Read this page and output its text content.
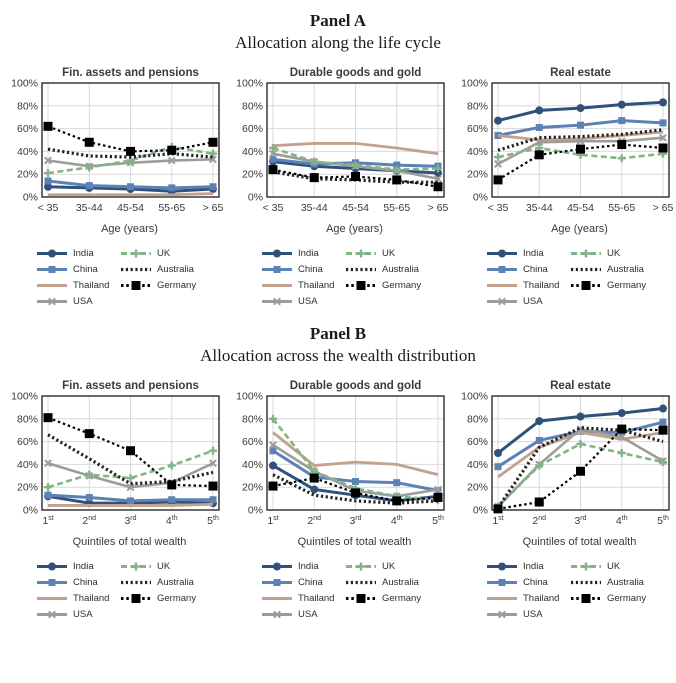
Panel A
Allocation along the life cycle
Fin. assets and pensions
0%
20%
40%
60%
80%
100%
< 35 35-44 45-54 55-65 > 65
Age (years)
India
China
Thailand
USA
UK
Australia
Germany
Durable goods and gold
0%
20%
40%
60%
80%
100%
< 35 35-44 45-54 55-65 > 65
Age (years)
India
China
Thailand
USA
UK
Australia
Germany
Real estate
0%
20%
40%
60%
80%
100%
< 35 35-44 45-54 55-65 > 65
Age (years)
India
China
Thailand
USA
UK
Australia
Germany
Panel B
Allocation across the wealth distribution
Fin. assets and pensions
0%
20%
40%
60%
80%
100%
1st	2nd	3rd	4th	5th
Quintiles of total wealth
India
China
Thailand
USA
UK
Australia
Germany
Durable goods and gold
0%
20%
40%
60%
80%
100%
1st	2nd	3rd	4th	5th
Quintiles of total wealth
India
China
Thailand
USA
UK
Australia
Germany
Real estate
0%
20%
40%
60%
80%
100%
1st	2nd	3rd	4th	5th
Quintiles of total wealth
India
China
Thailand
USA
UK
Australia
Germany
